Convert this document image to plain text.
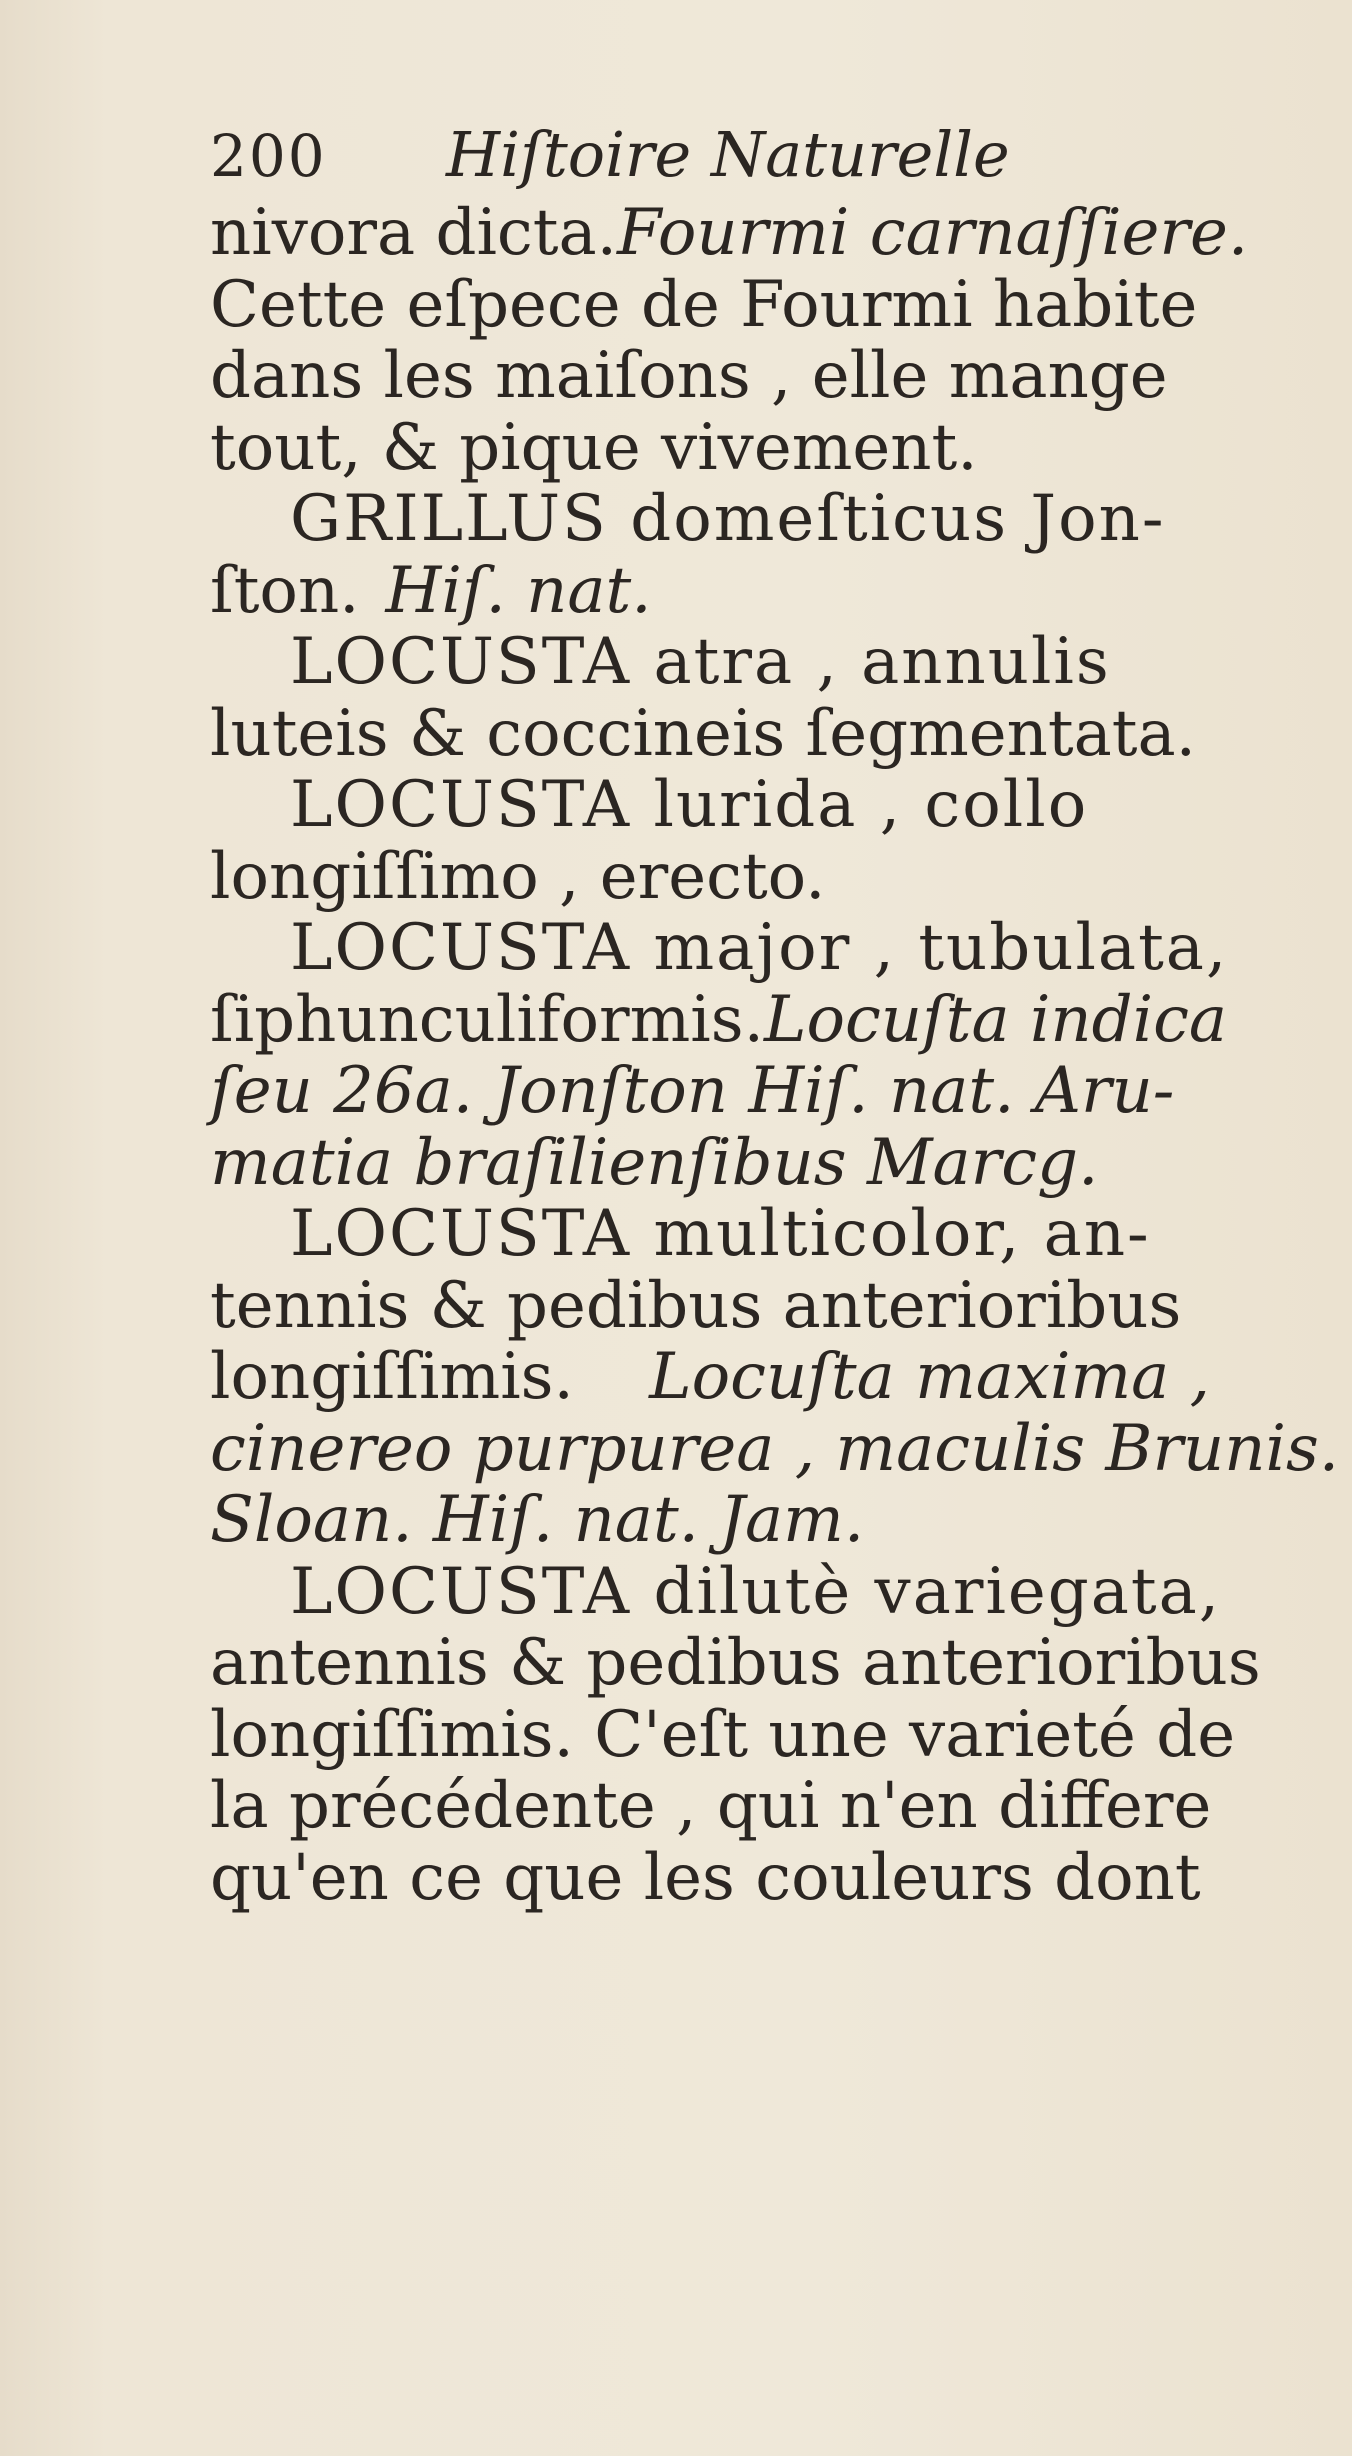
200 Hiſtoire Naturelle
nivora dicta. Fourmi carnaſſiere.
Cette eſpece de Fourmi habite
dans les maiſons , elle mange
tout, & pique vivement.
GRILLUS domeſticus Jon-
ſton. Hiſ. nat.
LOCUSTA atra , annulis
luteis & coccineis ſegmentata.
LOCUSTA lurida , collo
longiſſimo , erecto.
LOCUSTA major , tubulata,
ſiphunculiformis. Locuſta indica
ſeu 26a. Jonſton Hiſ. nat. Aru-
matia braſilienſibus Marcg.
LOCUSTA multicolor, an-
tennis & pedibus anterioribus
longiſſimis. Locuſta maxima ,
cinereo purpurea , maculis Brunis.
Sloan. Hiſ. nat. Jam.
LOCUSTA dilutè variegata,
antennis & pedibus anterioribus
longiſſimis. C'eſt une varieté de
la précédente , qui n'en differe
qu'en ce que les couleurs dont
